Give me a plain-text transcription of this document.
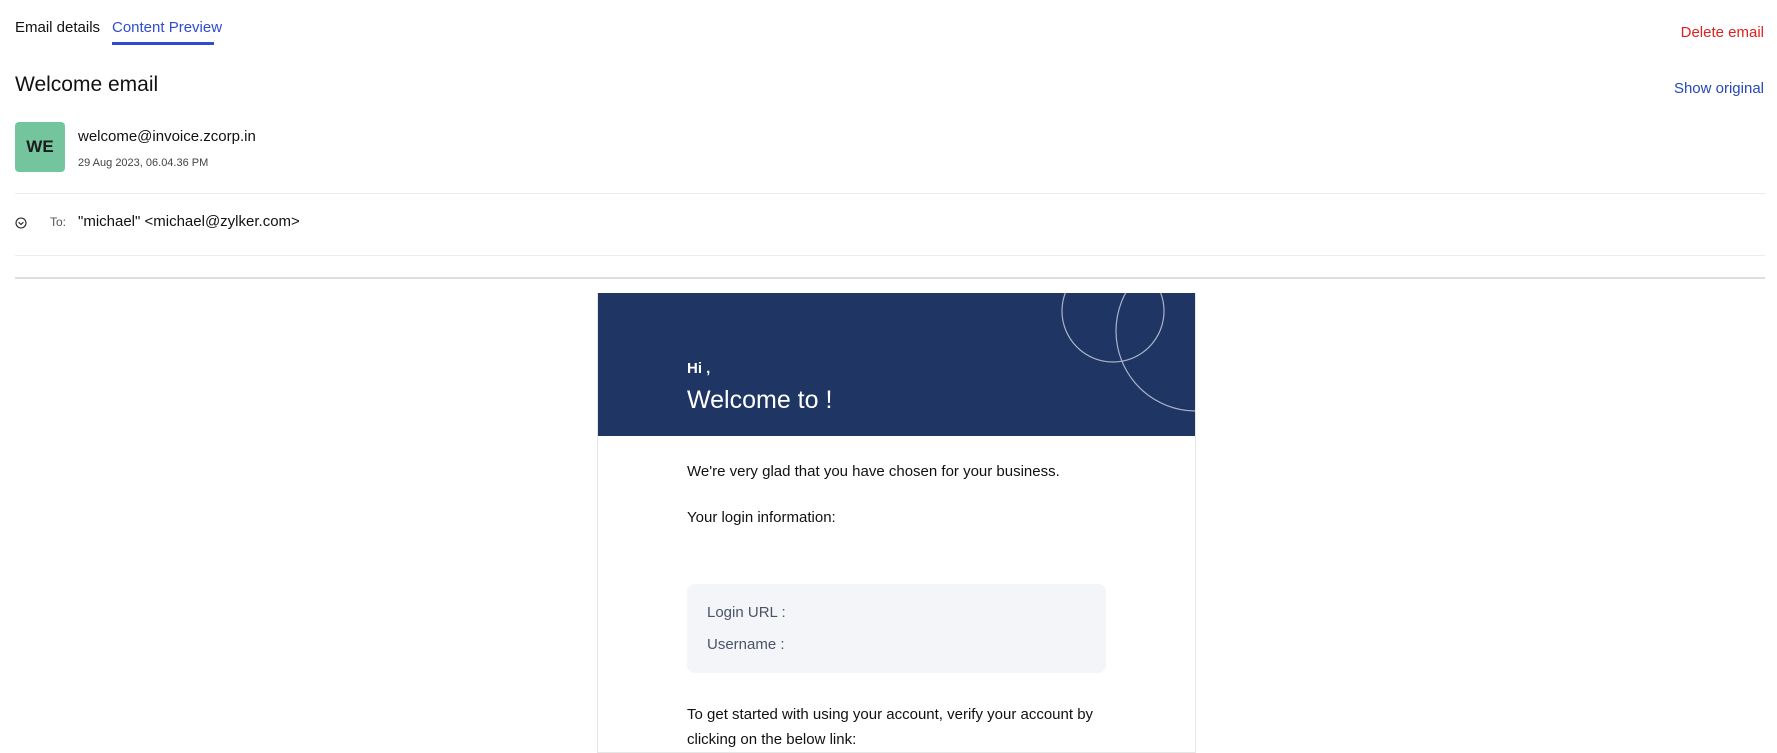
Email details Content Preview	Delete email
Welcome email	Show original
WE
welcome@invoice.zcorp.in
29 Aug 2023, 06.04.36 PM
To: "michael" <michael@zylker.com>
Hi ,
Welcome to !
We're very glad that you have chosen for your business.
Your login information:
Login URL :
Username :
To get started with using your account, verify your account by
clicking on the below link:
